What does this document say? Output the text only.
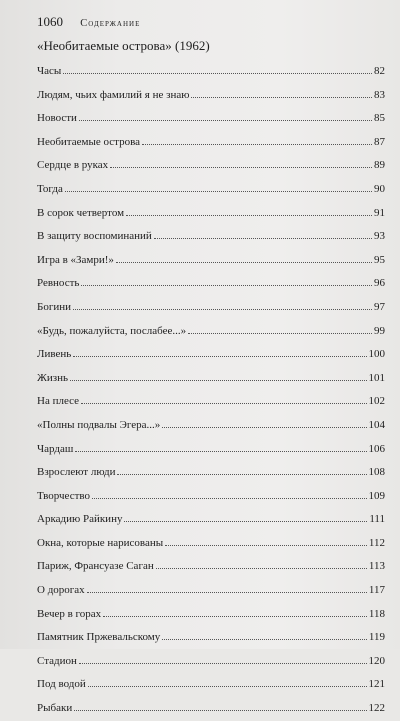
1060 Содержание
«Необитаемые острова» (1962)
Часы	82
Людям, чьих фамилий я не знаю	83
Новости	85
Необитаемые острова	87
Сердце в руках	89
Тогда	90
В сорок четвертом	91
В защиту воспоминаний	93
Игра в «Замри!»	95
Ревность	96
Богини	97
«Будь, пожалуйста, послабее...»	99
Ливень	100
Жизнь	101
На плесе	102
«Полны подвалы Эгера...»	104
Чардаш	106
Взрослеют люди	108
Творчество	109
Аркадию Райкину	111
Окна, которые нарисованы	112
Париж, Франсуазе Саган	113
О дорогах	117
Вечер в горах	118
Памятник Пржевальскому	119
Стадион	120
Под водой	121
Рыбаки	122
